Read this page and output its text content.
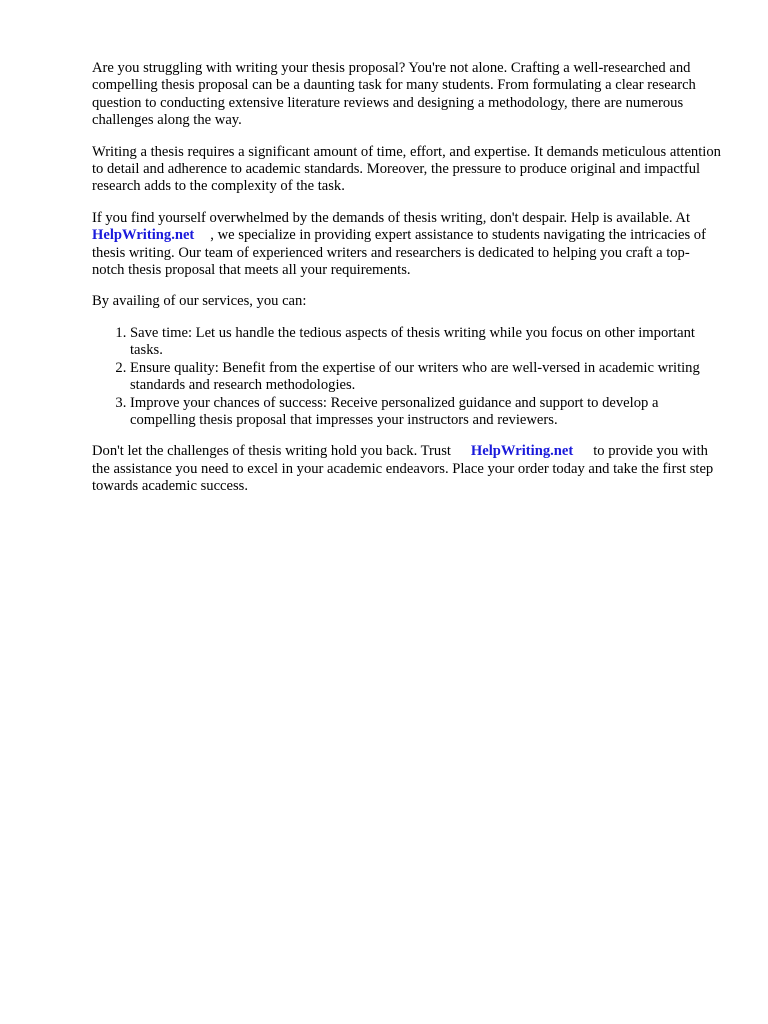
Are you struggling with writing your thesis proposal? You're not alone. Crafting a well-researched and compelling thesis proposal can be a daunting task for many students. From formulating a clear research question to conducting extensive literature reviews and designing a methodology, there are numerous challenges along the way.

Writing a thesis requires a significant amount of time, effort, and expertise. It demands meticulous attention to detail and adherence to academic standards. Moreover, the pressure to produce original and impactful research adds to the complexity of the task.

If you find yourself overwhelmed by the demands of thesis writing, don't despair. Help is available. AtHelpWriting.net , we specialize in providing expert assistance to students navigating the intricacies of thesis writing. Our team of experienced writers and researchers is dedicated to helping you craft a top-notch thesis proposal that meets all your requirements.

By availing of our services, you can:

1. Save time: Let us handle the tedious aspects of thesis writing while you focus on other important tasks.
2. Ensure quality: Benefit from the expertise of our writers who are well-versed in academic writing standards and research methodologies.
3. Improve your chances of success: Receive personalized guidance and support to develop a compelling thesis proposal that impresses your instructors and reviewers.

Don't let the challenges of thesis writing hold you back. Trust HelpWriting.net to provide you with the assistance you need to excel in your academic endeavors. Place your order today and take the first step towards academic success.
